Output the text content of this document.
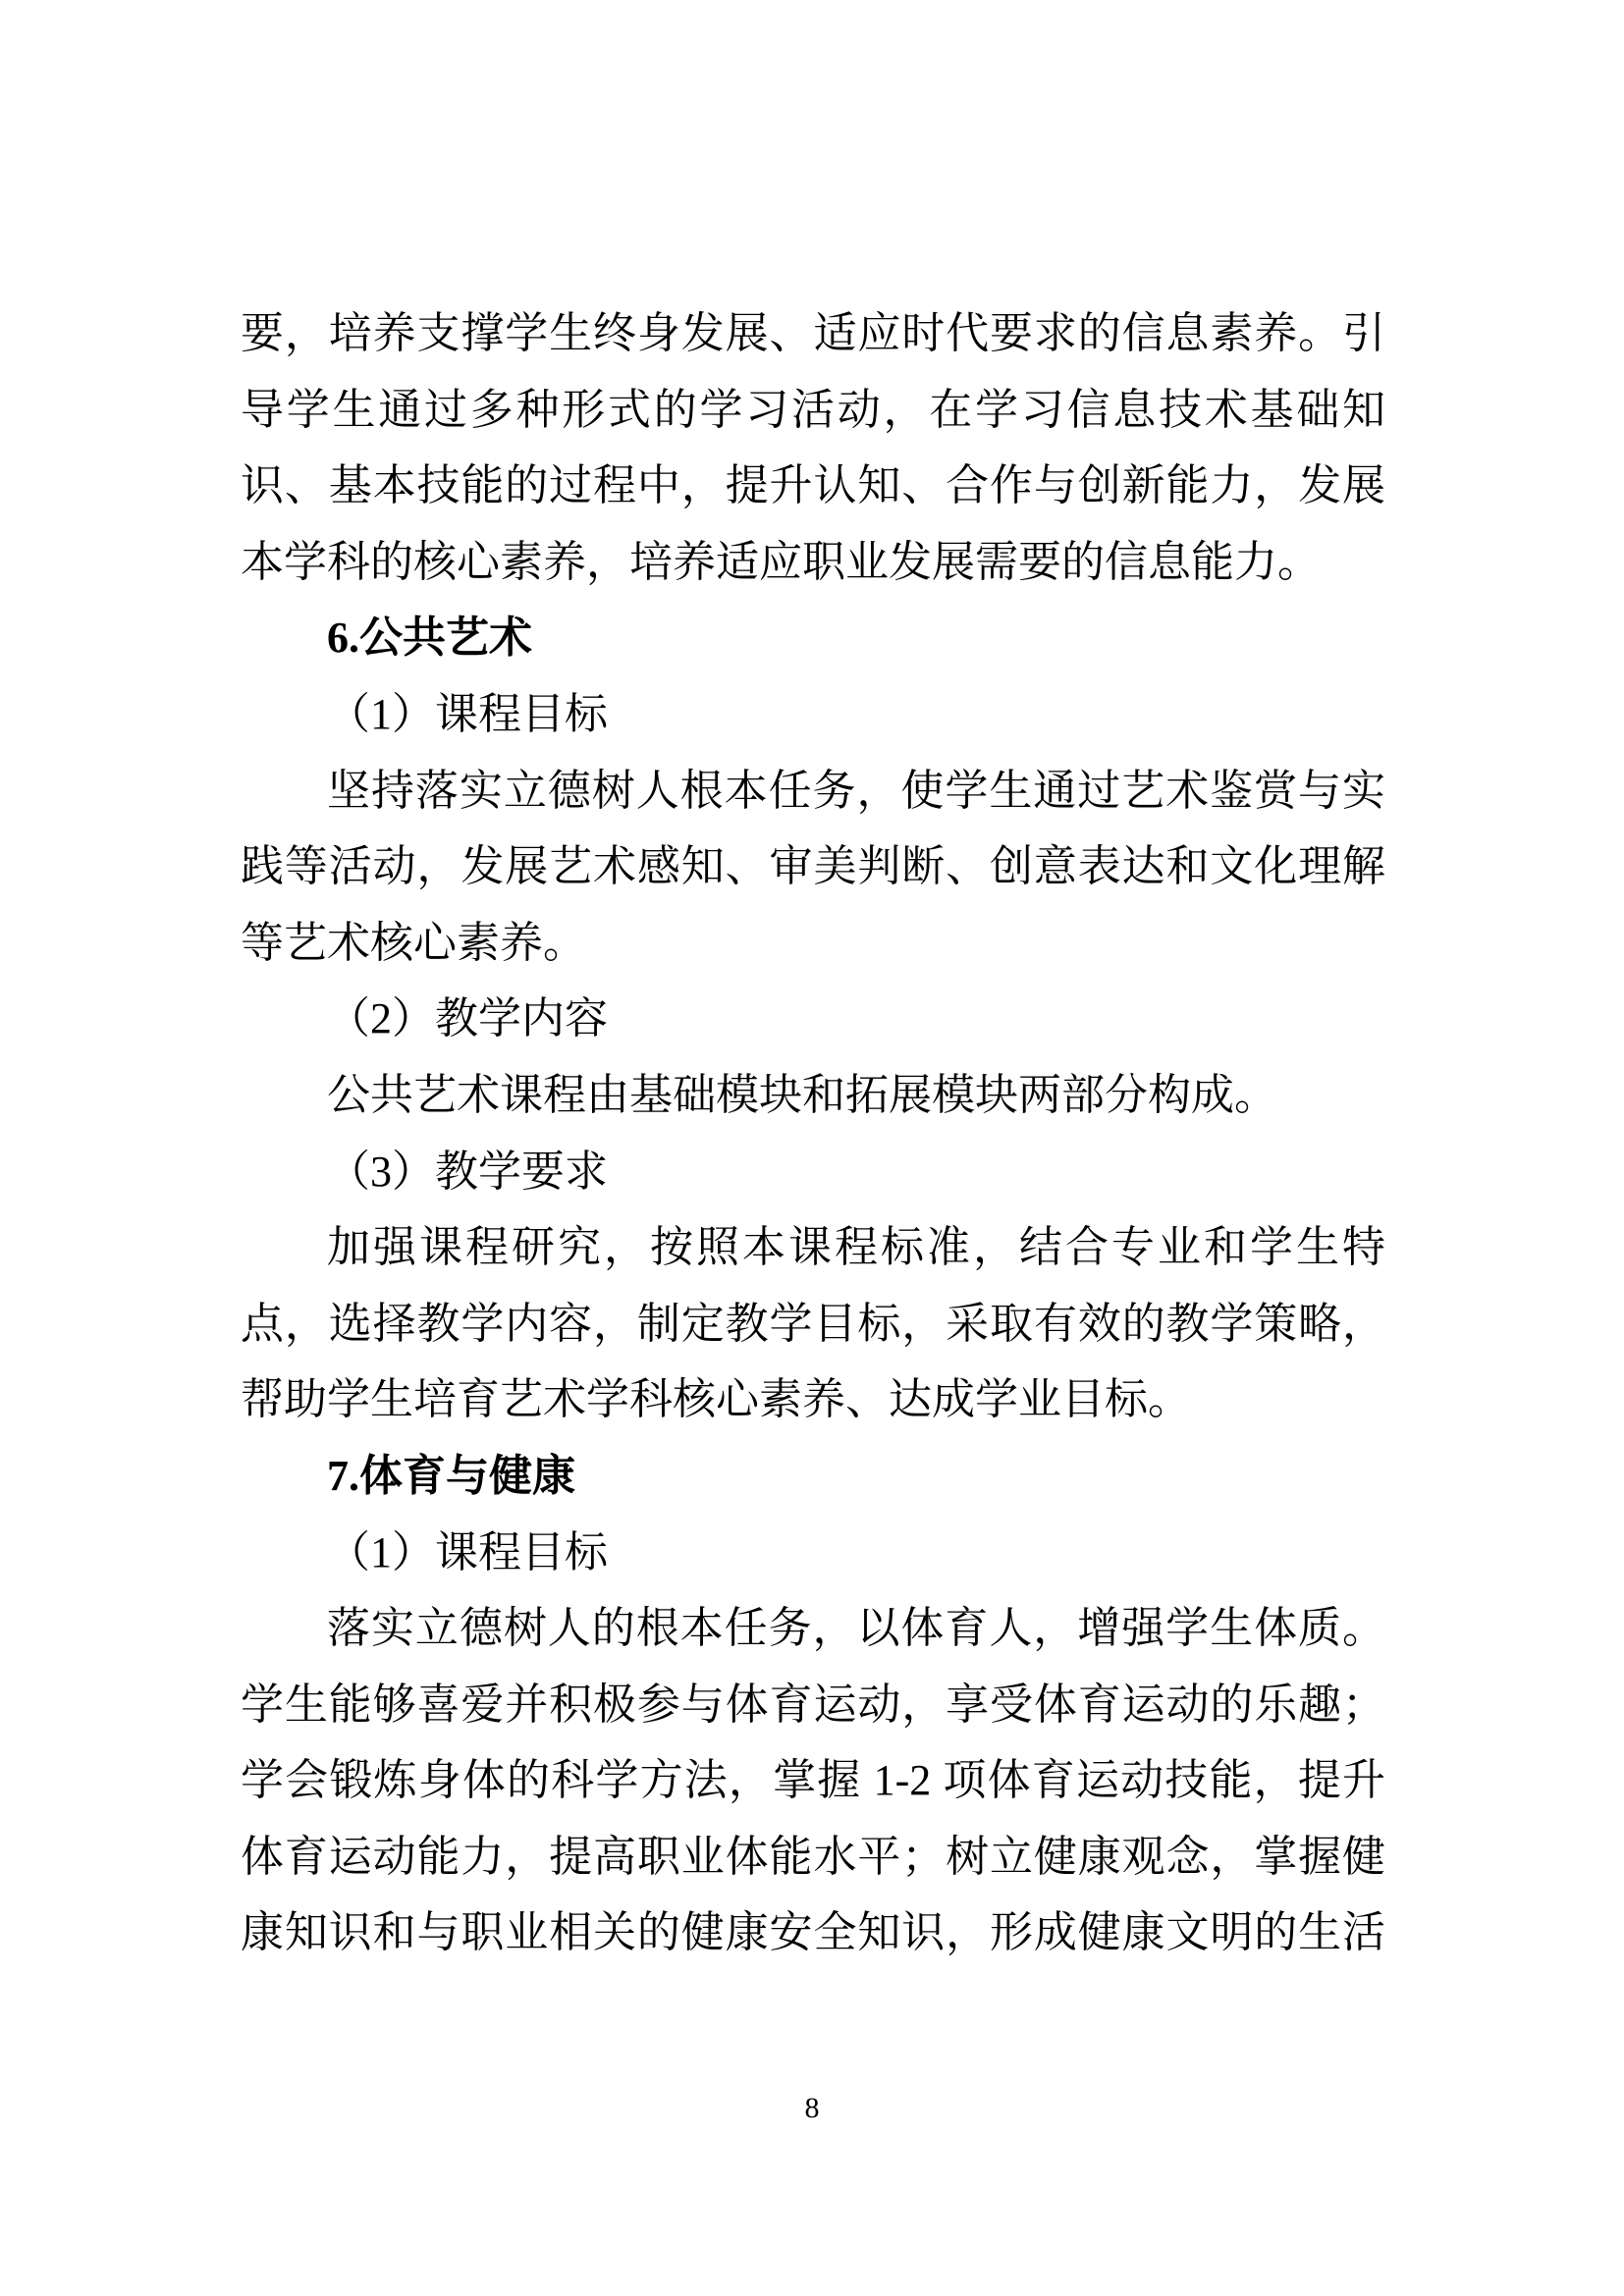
要，培养支撑学生终身发展、适应时代要求的信息素养。引
导学生通过多种形式的学习活动，在学习信息技术基础知
识、基本技能的过程中，提升认知、合作与创新能力，发展
本学科的核心素养，培养适应职业发展需要的信息能力。
6.公共艺术
（1）课程目标
坚持落实立德树人根本任务，使学生通过艺术鉴赏与实
践等活动，发展艺术感知、审美判断、创意表达和文化理解
等艺术核心素养。
（2）教学内容
公共艺术课程由基础模块和拓展模块两部分构成。
（3）教学要求
加强课程研究，按照本课程标准，结合专业和学生特
点，选择教学内容，制定教学目标，采取有效的教学策略，
帮助学生培育艺术学科核心素养、达成学业目标。
7.体育与健康
（1）课程目标
落实立德树人的根本任务，以体育人，增强学生体质。
学生能够喜爱并积极参与体育运动，享受体育运动的乐趣；
学会锻炼身体的科学方法，掌握 1-2 项体育运动技能，提升
体育运动能力，提高职业体能水平；树立健康观念，掌握健
康知识和与职业相关的健康安全知识，形成健康文明的生活
8
